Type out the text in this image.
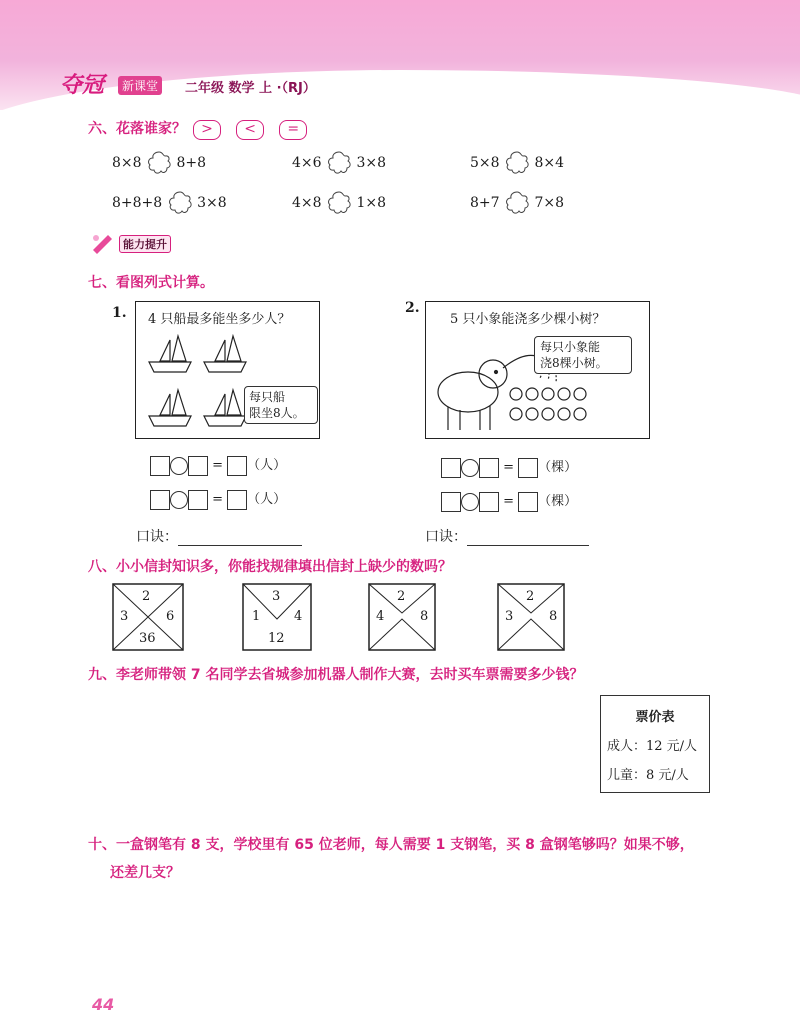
夺冠	新课堂	二年级 数学 上 ·（RJ）
六、花落谁家？	> < =
8×8 8+8	4×6 3×8	5×8 8×4
8+8+8 3×8	4×8 1×8	8+7 7×8
能力提升
七、看图列式计算。
1. 4 只船最多能坐多少人？
每只船
限坐8人。
= （人）
= （人）
口诀：
2.
5 只小象能浇多少棵小树？
每只小象能
浇8棵小树。
= （棵）
= （棵）
口诀：
八、小小信封知识多，你能找规律填出信封上缺少的数吗？
2
3	6
36
3
1	4
12
2
4	8
2
3	8
九、李老师带领 7 名同学去省城参加机器人制作大赛，去时买车票需要多少钱？
票价表
成人：12 元/人
儿童：8 元/人
十、一盒钢笔有 8 支，学校里有 65 位老师，每人需要 1 支钢笔，买 8 盒钢笔够吗？如果不够，
还差几支？
44
